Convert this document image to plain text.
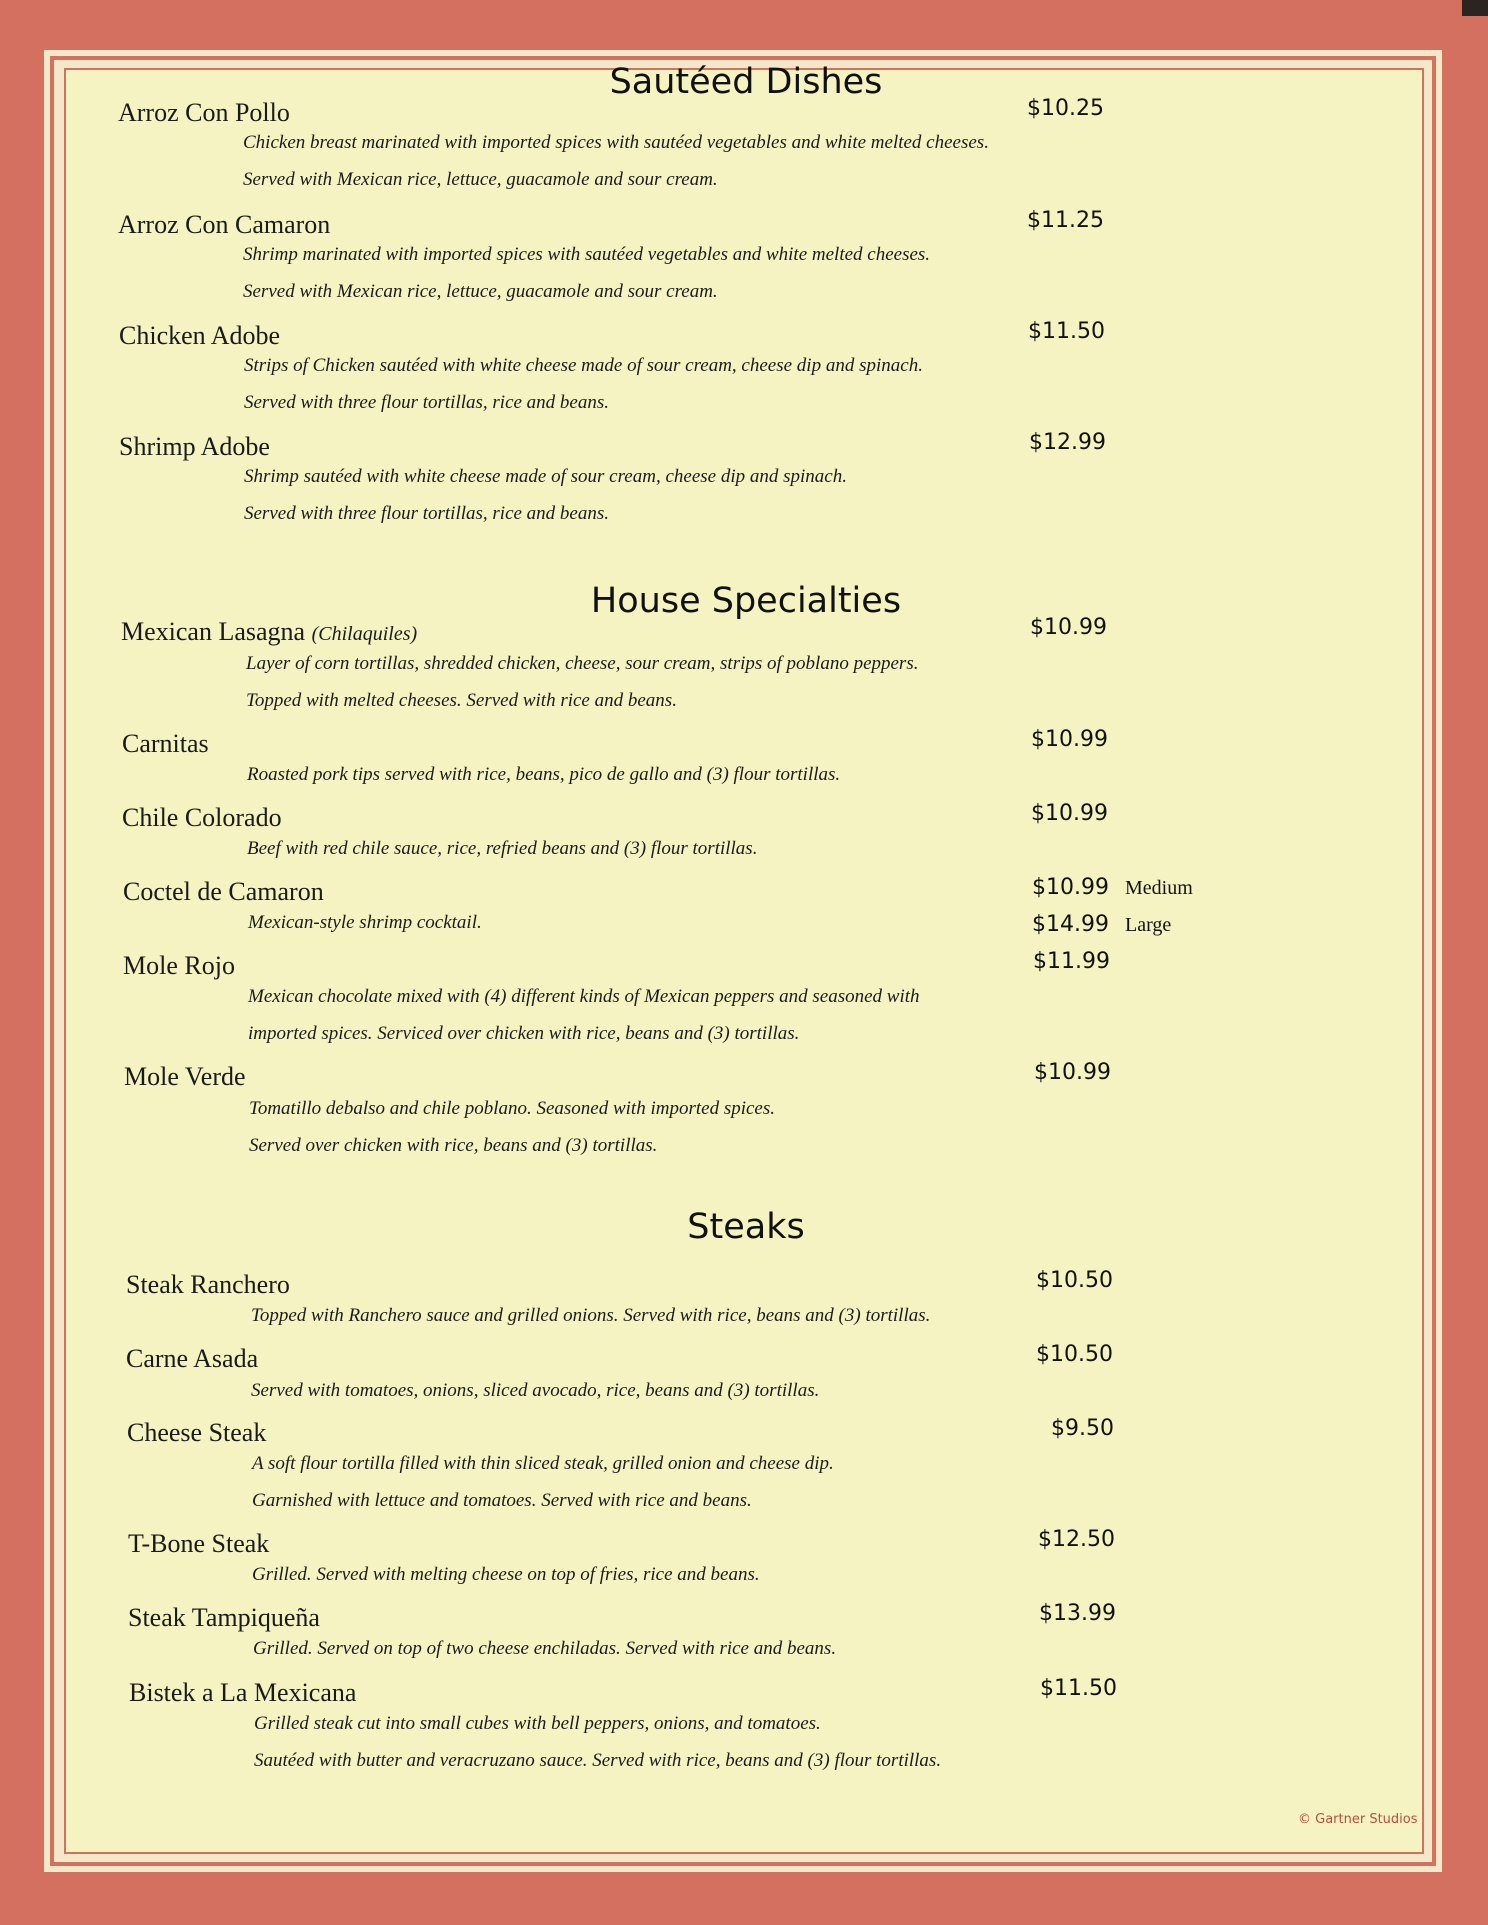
© Gartner Studios
Sautéed Dishes
Arroz Con Pollo	$10.25
Chicken breast marinated with imported spices with sautéed vegetables and white melted cheeses.
Served with Mexican rice, lettuce, guacamole and sour cream.
Arroz Con Camaron	$11.25
Shrimp marinated with imported spices with sautéed vegetables and white melted cheeses.
Served with Mexican rice, lettuce, guacamole and sour cream.
Chicken Adobe	$11.50
Strips of Chicken sautéed with white cheese made of sour cream, cheese dip and spinach.
Served with three flour tortillas, rice and beans.
Shrimp Adobe	$12.99
Shrimp sautéed with white cheese made of sour cream, cheese dip and spinach.
Served with three flour tortillas, rice and beans.
House Specialties
Mexican Lasagna (Chilaquiles)	$10.99
Layer of corn tortillas, shredded chicken, cheese, sour cream, strips of poblano peppers.
Topped with melted cheeses. Served with rice and beans.
Carnitas	$10.99
Roasted pork tips served with rice, beans, pico de gallo and (3) flour tortillas.
Chile Colorado	$10.99
Beef with red chile sauce, rice, refried beans and (3) flour tortillas.
Coctel de Camaron	$10.99 Medium
$14.99 Large
Mexican-style shrimp cocktail.
Mole Rojo	$11.99
Mexican chocolate mixed with (4) different kinds of Mexican peppers and seasoned with
imported spices. Serviced over chicken with rice, beans and (3) tortillas.
Mole Verde	$10.99
Tomatillo debalso and chile poblano. Seasoned with imported spices.
Served over chicken with rice, beans and (3) tortillas.
Steaks
Steak Ranchero	$10.50
Topped with Ranchero sauce and grilled onions. Served with rice, beans and (3) tortillas.
Carne Asada	$10.50
Served with tomatoes, onions, sliced avocado, rice, beans and (3) tortillas.
Cheese Steak	$9.50
A soft flour tortilla filled with thin sliced steak, grilled onion and cheese dip.
Garnished with lettuce and tomatoes. Served with rice and beans.
T-Bone Steak	$12.50
Grilled. Served with melting cheese on top of fries, rice and beans.
Steak Tampiqueña	$13.99
Grilled. Served on top of two cheese enchiladas. Served with rice and beans.
Bistek a La Mexicana	$11.50
Grilled steak cut into small cubes with bell peppers, onions, and tomatoes.
Sautéed with butter and veracruzano sauce. Served with rice, beans and (3) flour tortillas.
